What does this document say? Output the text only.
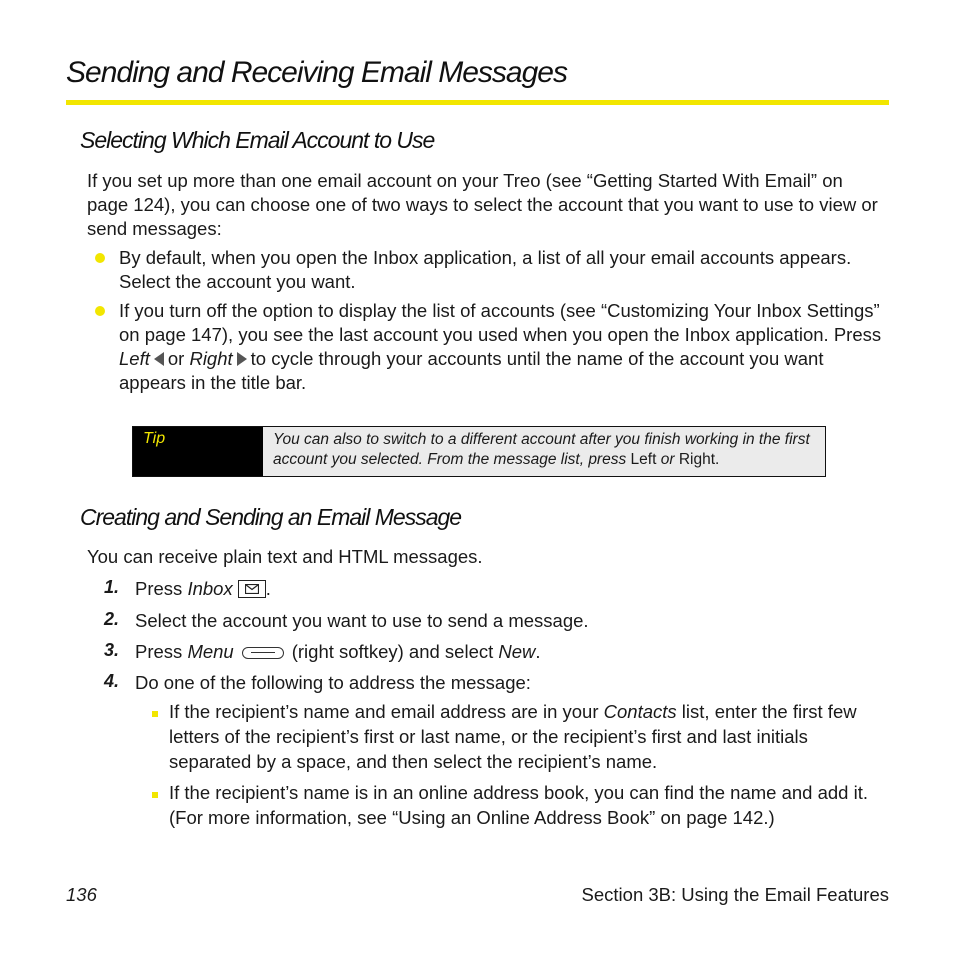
Sending and Receiving Email Messages
Selecting Which Email Account to Use

If you set up more than one email account on your Treo (see “Getting Started With Email” on page 124), you can choose one of two ways to select the account that you want to use to view or send messages:

By default, when you open the Inbox application, a list of all your email accounts appears. Select the account you want.

If you turn off the option to display the list of accounts (see “Customizing Your Inbox Settings” on page 147), you see the last account you used when you open the Inbox application. Press Left or Right to cycle through your accounts until the name of the account you want appears in the title bar.

Tip	You can also to switch to a different account after you finish working in the first account you selected. From the message list, press Left or Right.
Creating and Sending an Email Message

You can receive plain text and HTML messages.

1. Press Inbox .

2. Select the account you want to use to send a message.

3. Press Menu	(right softkey) and select New.

4. Do one of the following to address the message:

If the recipient’s name and email address are in your Contacts list, enter the first few letters of the recipient’s first or last name, or the recipient’s first and last initials separated by a space, and then select the recipient’s name.

If the recipient’s name is in an online address book, you can find the name and add it. (For more information, see “Using an Online Address Book” on page 142.)

136	Section 3B: Using the Email Features
